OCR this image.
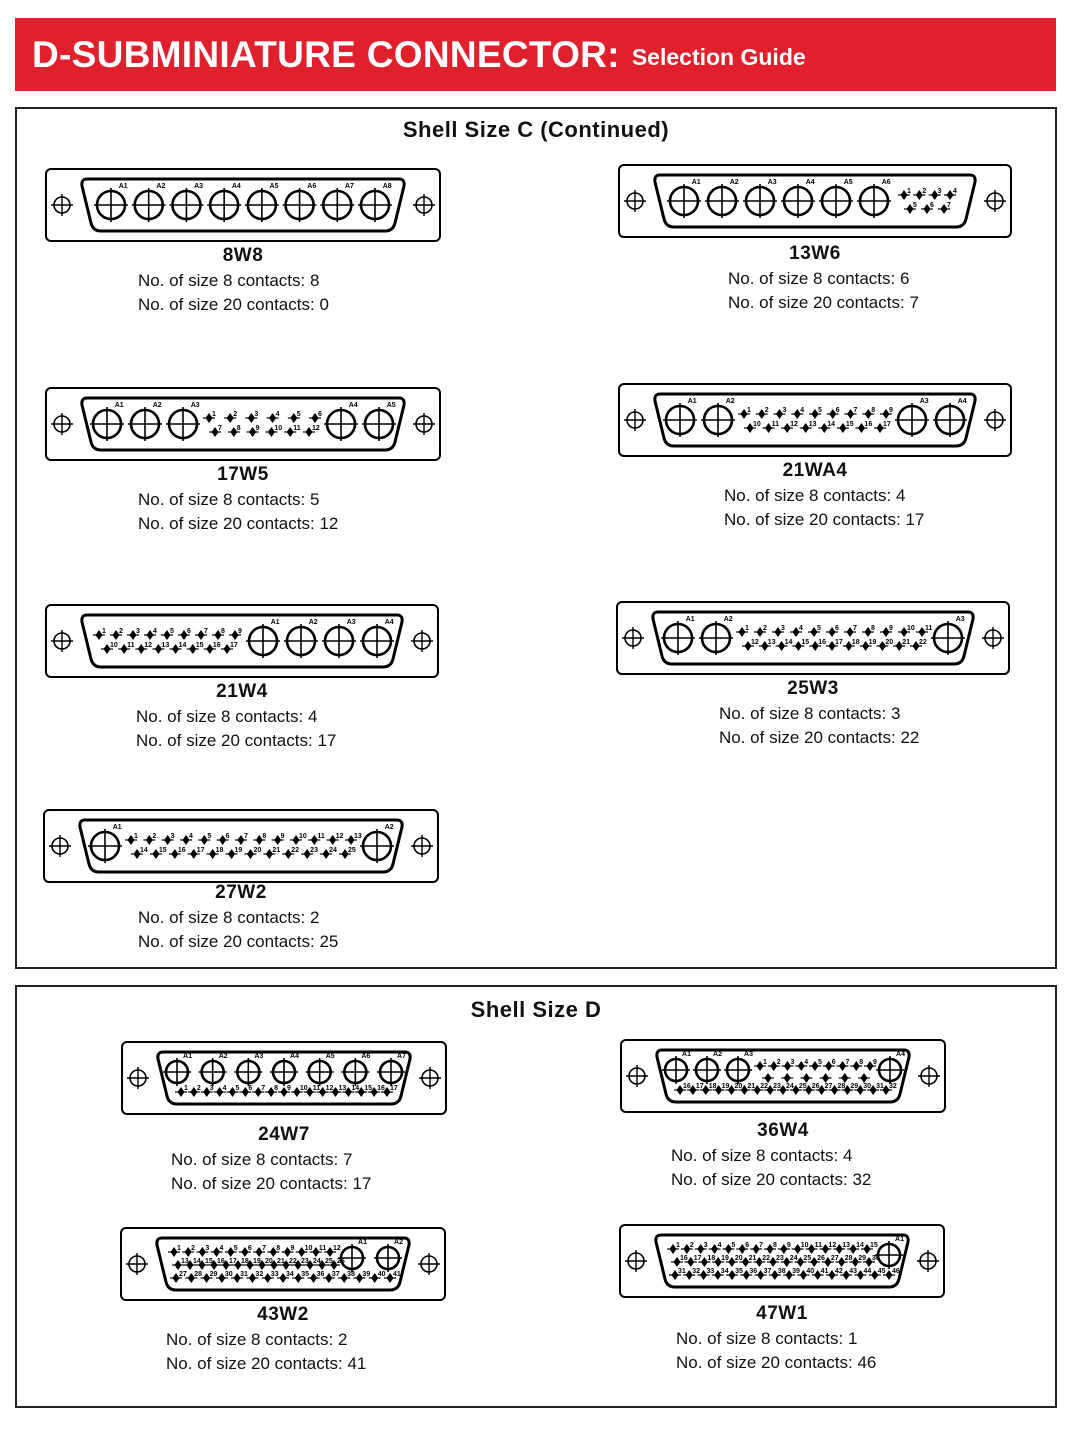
D-SUBMINIATURE CONNECTOR: Selection Guide
Shell Size C (Continued)
A1	A2	A3	A4	A5	A6	A7	A8
8W8
No. of size 8 contacts: 8
No. of size 20 contacts: 0
A1	A2	A3	A4	A5	A6
1 2 3 4
5 6 7
13W6
No. of size 8 contacts: 6
No. of size 20 contacts: 7
A1	A2	A3	A4	A5
1 2 3 4 5 6
7 8 9 10 11 12
17W5
No. of size 8 contacts: 5
No. of size 20 contacts: 12
A1	A2	A3	A4
1 2 3 4 5 6 7 8 9
10 11 12 13 14 15 16 17
21WA4
No. of size 8 contacts: 4
No. of size 20 contacts: 17
A1	A2	A3	A4
1 2 3 4 5 6 7 8 9
10 11 12 13 14 15 16 17
21W4
No. of size 8 contacts: 4
No. of size 20 contacts: 17
A1	A2	A3
1 2 3 4 5 6 7 8 9 10 11
12 13 14 15 16 17 18 19 20 21 22
25W3
No. of size 8 contacts: 3
No. of size 20 contacts: 22
A1	A2
1 2 3 4 5 6 7 8 9 10 11 12 13
14 15 16 17 18 19 20 21 22 23 24 25
27W2
No. of size 8 contacts: 2
No. of size 20 contacts: 25
Shell Size D
A1	A2	A3	A4	A5	A6	A7
1 2 3 4 5 6 7 8 9 10 11 12 13 14 15 16 17
24W7
No. of size 8 contacts: 7
No. of size 20 contacts: 17
A1	A2	A3	A4
1 2 3 4 5 6 7 8 9
16 17 18 19 20 21 22 23 24 25 26 27 28 29 30 31 32
36W4
No. of size 8 contacts: 4
No. of size 20 contacts: 32
A1	A2
1 2 3 4 5 6 7 8 9 10 11 12
13 14 15 16 17 18 19 20 21 22 23 24 25 26
27 28 29 30 31 32 33 34 35 36 37 38 39 40 41
43W2
No. of size 8 contacts: 2
No. of size 20 contacts: 41
A1
1 2 3 4 5 6 7 8 9 10 11 12 13 14 15
16 17 18 19 20 21 22 23 24 25 26 27 28 29 30
31 32 33 34 35 36 37 38 39 40 41 42 43 44 45 46
47W1
No. of size 8 contacts: 1
No. of size 20 contacts: 46
